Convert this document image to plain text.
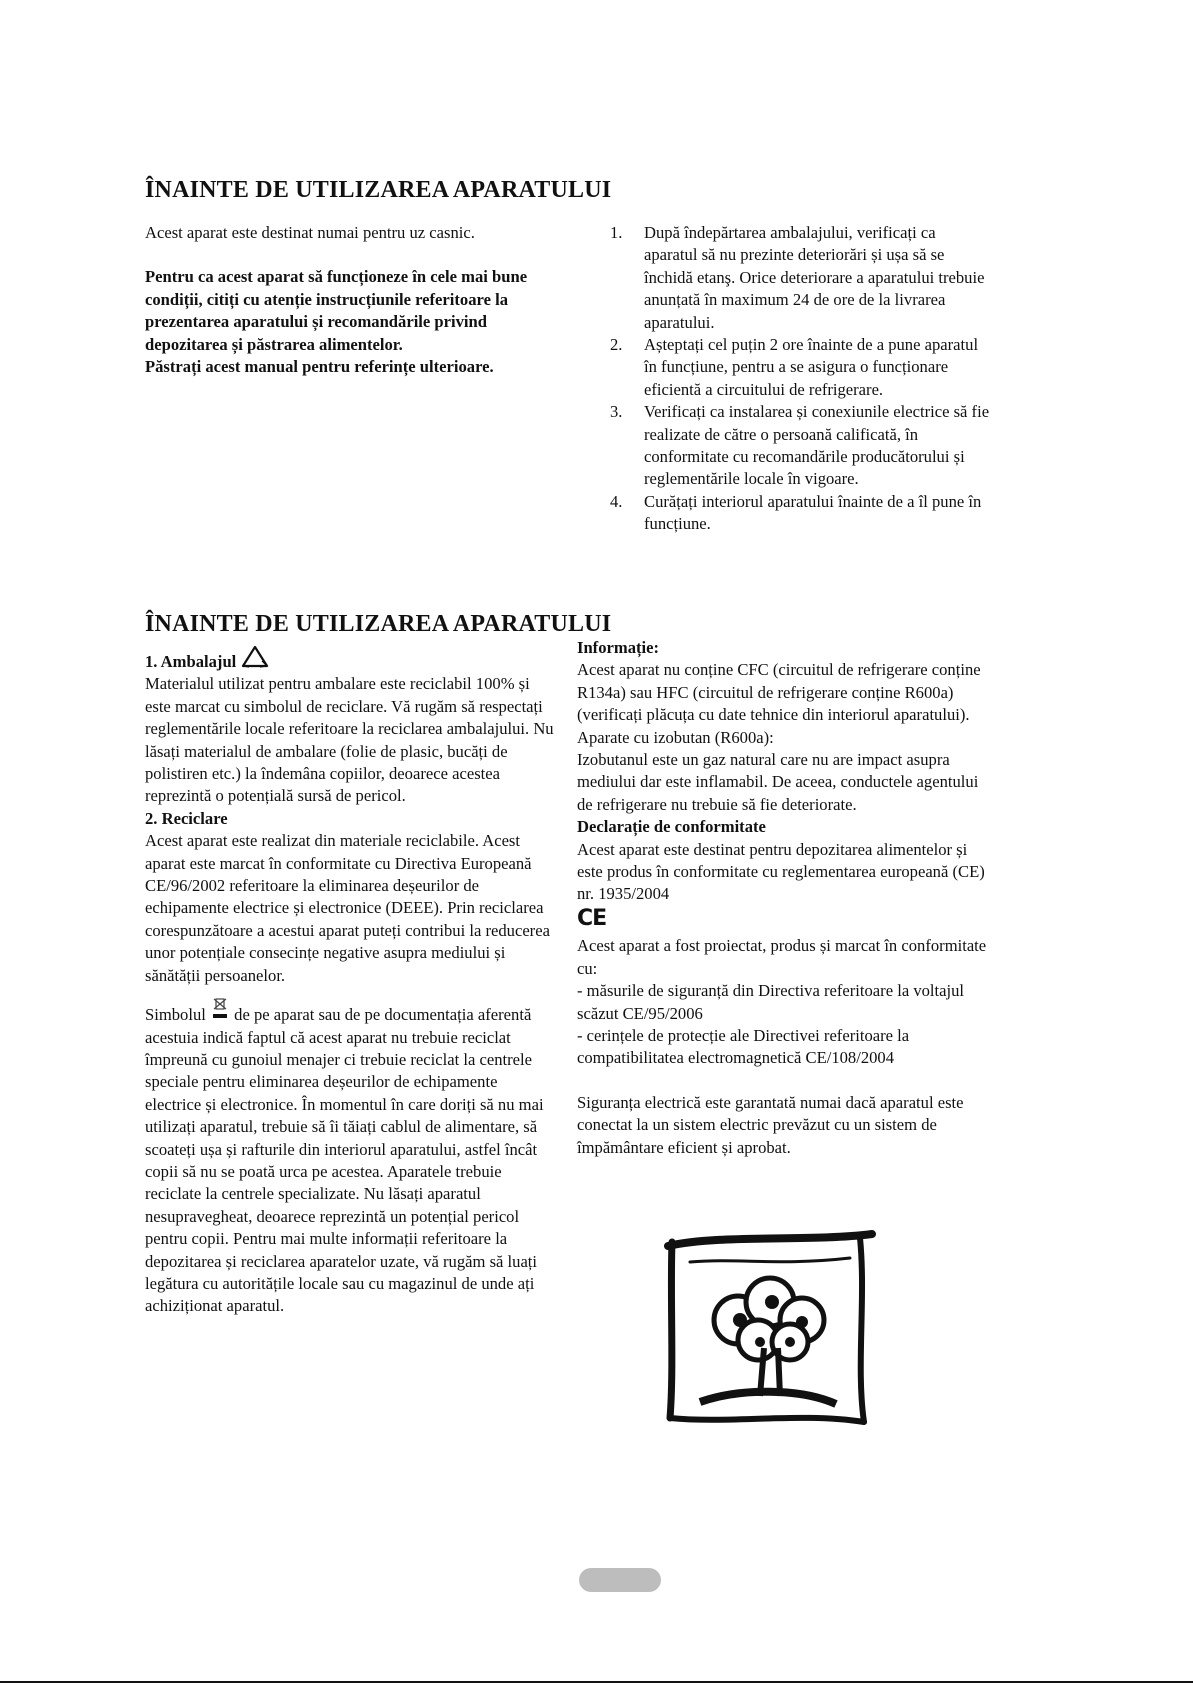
ÎNAINTE DE UTILIZAREA APARATULUI

Acest aparat este destinat numai pentru uz casnic.

Pentru ca acest aparat să funcționeze în cele mai bune condiții, citiți cu atenție instrucțiunile referitoare la prezentarea aparatului și recomandările privind depozitarea și păstrarea alimentelor.

Păstrați acest manual pentru referințe ulterioare.

1. După îndepărtarea ambalajului, verificați ca aparatul să nu prezinte deteriorări și ușa să se închidă etanş. Orice deteriorare a aparatului trebuie anunțată în maximum 24 de ore de la livrarea aparatului.
2. Așteptați cel puțin 2 ore înainte de a pune aparatul în funcțiune, pentru a se asigura o funcționare eficientă a circuitului de refrigerare.
3. Verificați ca instalarea și conexiunile electrice să fie realizate de către o persoană calificată, în conformitate cu recomandările producătorului și reglementările locale în vigoare.
4. Curățați interiorul aparatului înainte de a îl pune în funcțiune.
ÎNAINTE DE UTILIZAREA APARATULUI

1. Ambalajul

Materialul utilizat pentru ambalare este reciclabil 100% și este marcat cu simbolul de reciclare. Vă rugăm să respectați reglementările locale referitoare la reciclarea ambalajului. Nu lăsați materialul de ambalare (folie de plasic, bucăți de polistiren etc.) la îndemâna copiilor, deoarece acestea reprezintă o potențială sursă de pericol.

2. Reciclare

Acest aparat este realizat din materiale reciclabile. Acest aparat este marcat în conformitate cu Directiva Europeană CE/96/2002 referitoare la eliminarea deșeurilor de echipamente electrice și electronice (DEEE). Prin reciclarea corespunzătoare a acestui aparat puteți contribui la reducerea unor potențiale consecințe negative asupra mediului și sănătății persoanelor.

Simbolul de pe aparat sau de pe documentația aferentă acestuia indică faptul că acest aparat nu trebuie reciclat împreună cu gunoiul menajer ci trebuie reciclat la centrele speciale pentru eliminarea deșeurilor de echipamente electrice și electronice. În momentul în care doriți să nu mai utilizați aparatul, trebuie să îi tăiați cablul de alimentare, să scoateți ușa și rafturile din interiorul aparatului, astfel încât copii să nu se poată urca pe acestea. Aparatele trebuie reciclate la centrele specializate. Nu lăsați aparatul nesupravegheat, deoarece reprezintă un potențial pericol pentru copii. Pentru mai multe informații referitoare la depozitarea și reciclarea aparatelor uzate, vă rugăm să luați legătura cu autoritățile locale sau cu magazinul de unde ați achiziționat aparatul.

Informație:

Acest aparat nu conține CFC (circuitul de refrigerare conține R134a) sau HFC (circuitul de refrigerare conține R600a) (verificați plăcuța cu date tehnice din interiorul aparatului).

Aparate cu izobutan (R600a):

Izobutanul este un gaz natural care nu are impact asupra mediului dar este inflamabil. De aceea, conductele agentului de refrigerare nu trebuie să fie deteriorate.

Declarație de conformitate

Acest aparat este destinat pentru depozitarea alimentelor și este produs în conformitate cu reglementarea europeană (CE) nr. 1935/2004

CE

Acest aparat a fost proiectat, produs și marcat în conformitate cu:

- măsurile de siguranță din Directiva referitoare la voltajul scăzut CE/95/2006

- cerințele de protecție ale Directivei referitoare la compatibilitatea electromagnetică CE/108/2004

Siguranța electrică este garantată numai dacă aparatul este conectat la un sistem electric prevăzut cu un sistem de împământare eficient și aprobat.
